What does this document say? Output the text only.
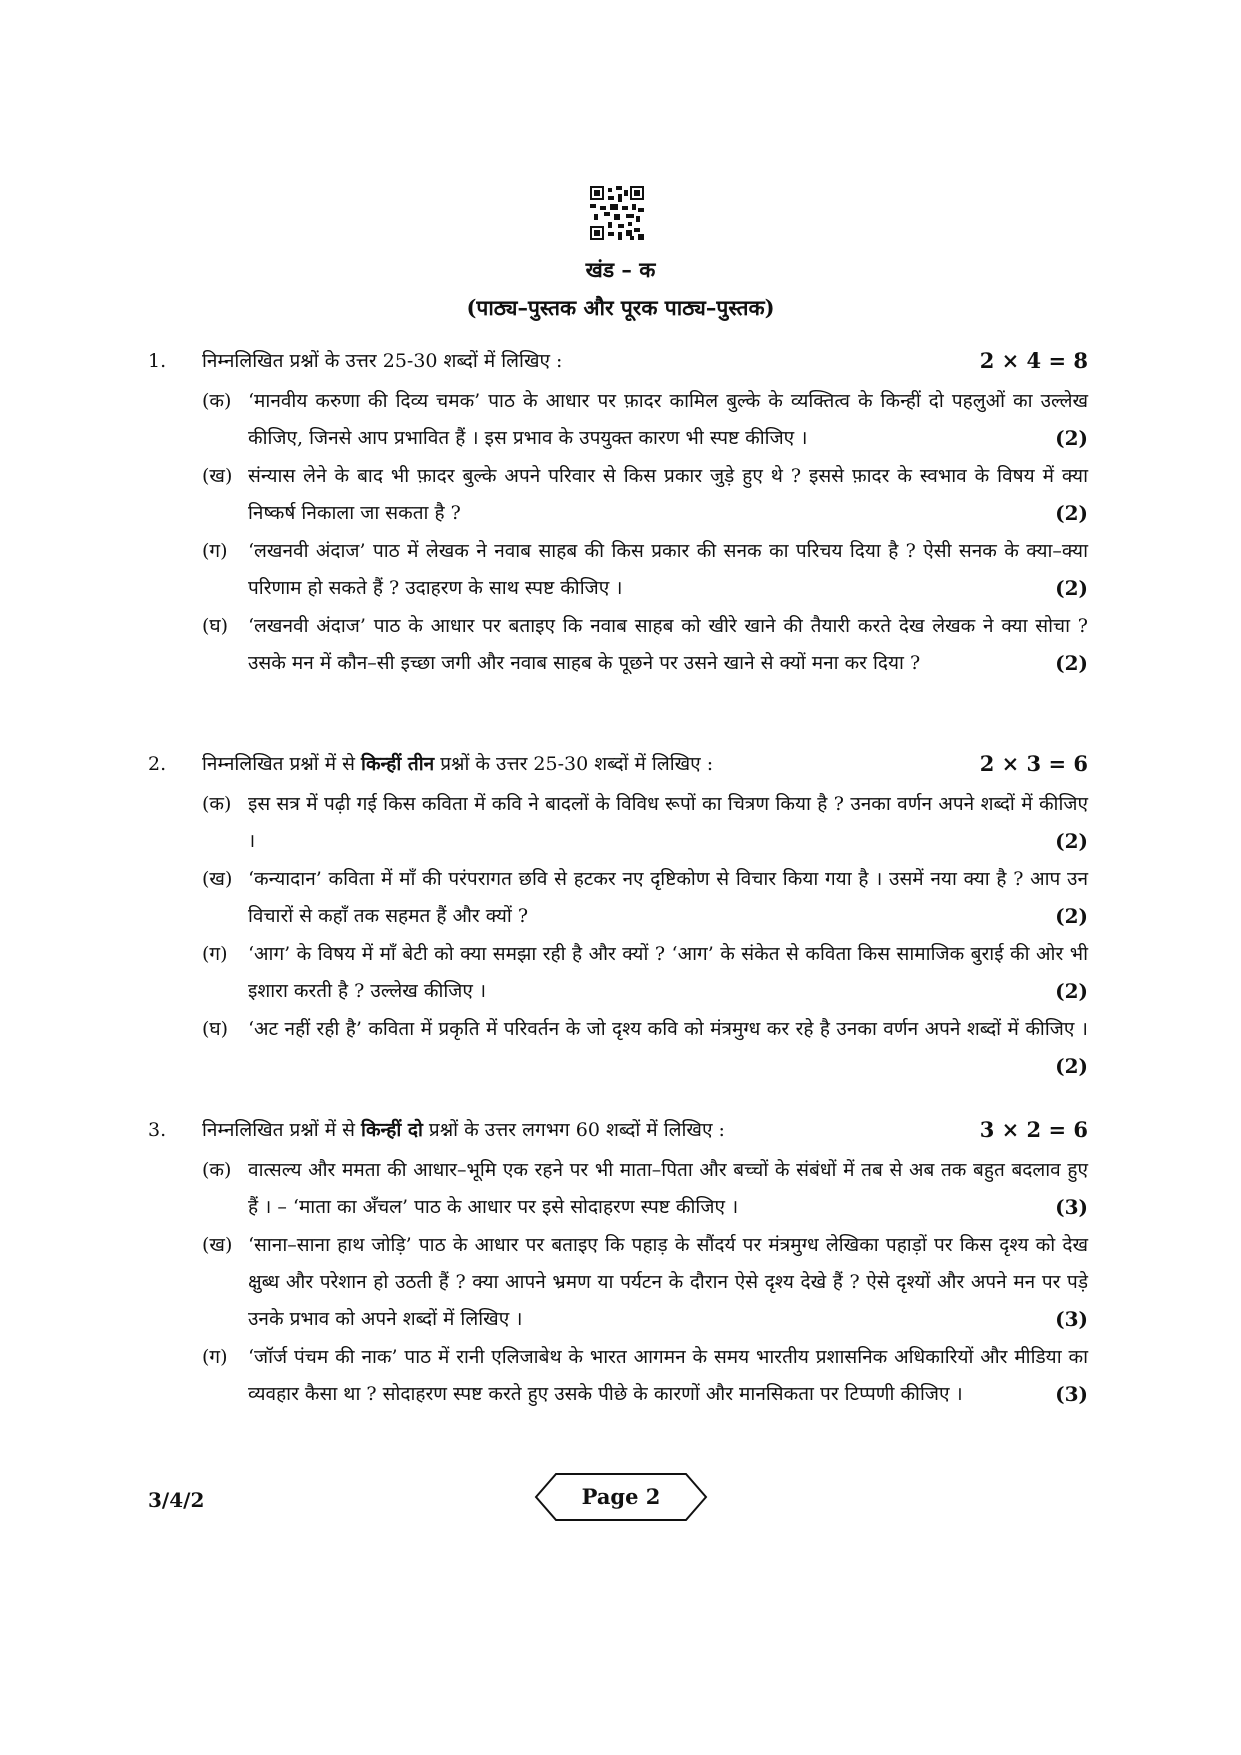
खंड – क
(पाठ्य–पुस्तक और पूरक पाठ्य–पुस्तक)
1. निम्नलिखित प्रश्नों के उत्तर 25-30 शब्दों में लिखिए :	2 × 4 = 8
(क) ‘मानवीय करुणा की दिव्य चमक’ पाठ के आधार पर फ़ादर कामिल बुल्के के व्यक्तित्व के किन्हीं दो पहलुओं का उल्लेख कीजिए, जिनसे आप प्रभावित हैं । इस प्रभाव के उपयुक्त कारण भी स्पष्ट कीजिए ।	(2)
(ख) संन्यास लेने के बाद भी फ़ादर बुल्के अपने परिवार से किस प्रकार जुड़े हुए थे ? इससे फ़ादर के स्वभाव के विषय में क्या निष्कर्ष निकाला जा सकता है ?	(2)
(ग) ‘लखनवी अंदाज’ पाठ में लेखक ने नवाब साहब की किस प्रकार की सनक का परिचय दिया है ? ऐसी सनक के क्या–क्या परिणाम हो सकते हैं ? उदाहरण के साथ स्पष्ट कीजिए ।	(2)
(घ) ‘लखनवी अंदाज’ पाठ के आधार पर बताइए कि नवाब साहब को खीरे खाने की तैयारी करते देख लेखक ने क्या सोचा ? उसके मन में कौन–सी इच्छा जगी और नवाब साहब के पूछने पर उसने खाने से क्यों मना कर दिया ?	(2)
2. निम्नलिखित प्रश्नों में से किन्हीं तीन प्रश्नों के उत्तर 25-30 शब्दों में लिखिए :	2 × 3 = 6
(क) इस सत्र में पढ़ी गई किस कविता में कवि ने बादलों के विविध रूपों का चित्रण किया है ? उनका वर्णन अपने शब्दों में कीजिए ।	(2)
(ख) ‘कन्यादान’ कविता में माँ की परंपरागत छवि से हटकर नए दृष्टिकोण से विचार किया गया है । उसमें नया क्या है ? आप उन विचारों से कहाँ तक सहमत हैं और क्यों ?	(2)
(ग) ‘आग’ के विषय में माँ बेटी को क्या समझा रही है और क्यों ? ‘आग’ के संकेत से कविता किस सामाजिक बुराई की ओर भी इशारा करती है ? उल्लेख कीजिए ।	(2)
(घ) ‘अट नहीं रही है’ कविता में प्रकृति में परिवर्तन के जो दृश्य कवि को मंत्रमुग्ध कर रहे है उनका वर्णन अपने शब्दों में कीजिए ।
(2)
3. निम्नलिखित प्रश्नों में से किन्हीं दो प्रश्नों के उत्तर लगभग 60 शब्दों में लिखिए :	3 × 2 = 6
(क) वात्सल्य और ममता की आधार–भूमि एक रहने पर भी माता–पिता और बच्चों के संबंधों में तब से अब तक बहुत बदलाव हुए हैं । – ‘माता का अँचल’ पाठ के आधार पर इसे सोदाहरण स्पष्ट कीजिए ।	(3)
(ख) ‘साना–साना हाथ जोड़ि’ पाठ के आधार पर बताइए कि पहाड़ के सौंदर्य पर मंत्रमुग्ध लेखिका पहाड़ों पर किस दृश्य को देख क्षुब्ध और परेशान हो उठती हैं ? क्या आपने भ्रमण या पर्यटन के दौरान ऐसे दृश्य देखे हैं ? ऐसे दृश्यों और अपने मन पर पड़े उनके प्रभाव को अपने शब्दों में लिखिए ।	(3)
(ग) ‘जॉर्ज पंचम की नाक’ पाठ में रानी एलिजाबेथ के भारत आगमन के समय भारतीय प्रशासनिक अधिकारियों और मीडिया का व्यवहार कैसा था ? सोदाहरण स्पष्ट करते हुए उसके पीछे के कारणों और मानसिकता पर टिप्पणी कीजिए ।	(3)
3/4/2	Page 2
